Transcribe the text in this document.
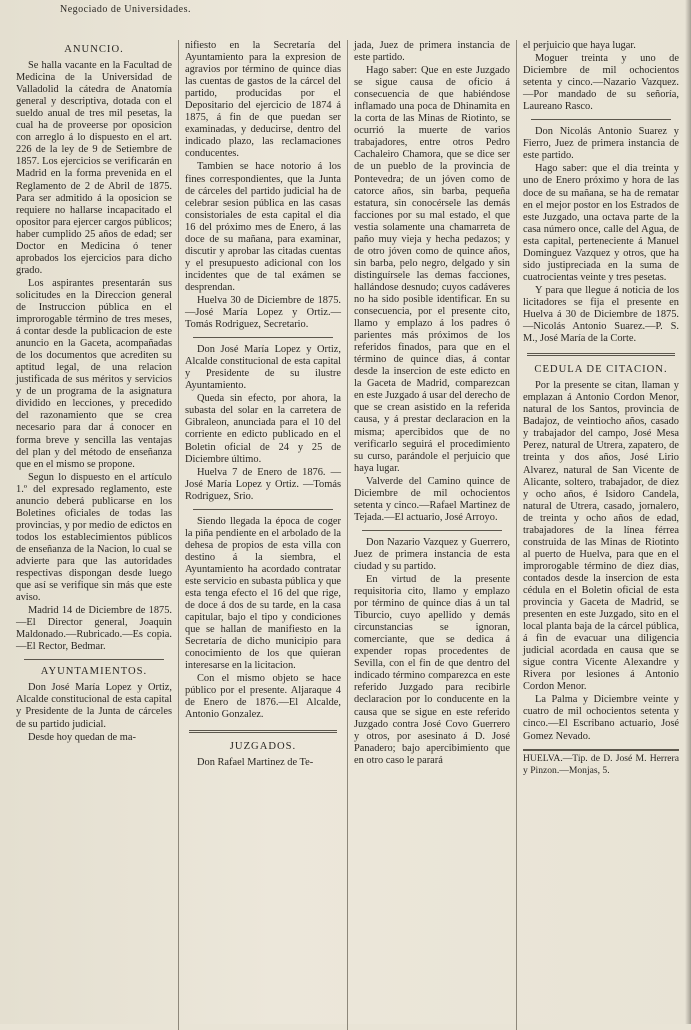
Negociado de Universidades.
ANUNCIO.

Se halla vacante en la Facultad de Medicina de la Universidad de Valladolid la cátedra de Anatomía general y descriptiva, dotada con el sueldo anual de tres mil pesetas, la cual ha de proveerse por oposicion con arreglo á lo dispuesto en el art. 226 de la ley de 9 de Setiembre de 1857. Los ejercicios se verificarán en Madrid en la forma prevenida en el Reglamento de 2 de Abril de 1875. Para ser admitido á la oposicion se requiere no hallarse incapacitado el opositor para ejercer cargos públicos; haber cumplido 25 años de edad; ser Doctor en Medicina ó tener aprobados los ejercicios para dicho grado.

Los aspirantes presentarán sus solicitudes en la Direccion general de Instruccion pública en el improrogable término de tres meses, á contar desde la publicacion de este anuncio en la Gaceta, acompañadas de los documentos que acrediten su aptitud legal, de una relacion justificada de sus méritos y servicios y de un programa de la asignatura dividido en lecciones, y precedido del razonamiento que se crea necesario para dar á conocer en forma breve y sencilla las ventajas del plan y del método de enseñanza que en el mismo se propone.

Segun lo dispuesto en el artículo 1.º del expresado reglamento, este anuncio deberá publicarse en los Boletines oficiales de todas las provincias, y por medio de edictos en todos los establecimientos públicos de enseñanza de la Nacion, lo cual se advierte para que las autoridades respectivas dispongan desde luego que así se verifique sin más que este aviso.

Madrid 14 de Diciembre de 1875.—El Director general, Joaquin Maldonado.—Rubricado.—Es copia.—El Rector, Bedmar.

AYUNTAMIENTOS.

Don José María Lopez y Ortiz, Alcalde constitucional de esta capital y Presidente de la Junta de cárceles de su partido judicial.

Desde hoy quedan de ma-

nifiesto en la Secretaría del Ayuntamiento para la expresion de agravios por término de quince dias las cuentas de gastos de la cárcel del partido, producidas por el Depositario del ejercicio de 1874 á 1875, á fin de que puedan ser examinadas, y deducirse, dentro del indicado plazo, las reclamaciones conducentes.

Tambien se hace notorio á los fines correspondientes, que la Junta de cárceles del partido judicial ha de celebrar sesion pública en las casas consistoriales de esta capital el dia 16 del próximo mes de Enero, á las doce de su mañana, para examinar, discutir y aprobar las citadas cuentas y el presupuesto adicional con los incidentes que de tal exámen se desprendan.

Huelva 30 de Diciembre de 1875.—José María Lopez y Ortiz.—Tomás Rodriguez, Secretario.

Don José María Lopez y Ortiz, Alcalde constitucional de esta capital y Presidente de su ilustre Ayuntamiento.

Queda sin efecto, por ahora, la subasta del solar en la carretera de Gibraleon, anunciada para el 10 del corriente en edicto publicado en el Boletin oficial de 24 y 25 de Diciembre último.

Huelva 7 de Enero de 1876. —José María Lopez y Ortiz. —Tomás Rodriguez, Srio.

Siendo llegada la época de coger la piña pendiente en el arbolado de la dehesa de propios de esta villa con destino á la siembra, el Ayuntamiento ha acordado contratar este servicio en subasta pública y que esta tenga efecto el 16 del que rige, de doce á dos de su tarde, en la casa capitular, bajo el tipo y condiciones que se hallan de manifiesto en la Secretaría de dicho municipio para conocimiento de los que quieran interesarse en la licitacion.

Con el mismo objeto se hace público por el presente. Aljaraque 4 de Enero de 1876.—El Alcalde, Antonio Gonzalez.

JUZGADOS.

Don Rafael Martinez de Te-

jada, Juez de primera instancia de este partido.

Hago saber: Que en este Juzgado se sigue causa de oficio á consecuencia de que habiéndose inflamado una poca de Dhinamita en la corta de las Minas de Riotinto, se ocurrió la muerte de varios trabajadores, entre otros Pedro Cachaleiro Chamora, que se dice ser de un pueblo de la provincia de Pontevedra; de un jóven como de catorce años, sin barba, pequeña estatura, sin conocérsele las demás facciones por su mal estado, el que vestia solamente una chamarreta de paño muy vieja y hecha pedazos; y de otro jóven como de quince años, sin barba, pelo negro, delgado y sin distinguírsele las demas facciones, hallándose desnudo; cuyos cadáveres no ha sido posible identificar. En su consecuencia, por el presente cito, llamo y emplazo á los padres ó parientes más próximos de los referidos finados, para que en el término de quince dias, á contar desde la insercion de este edicto en la Gaceta de Madrid, comparezcan en este Juzgado á usar del derecho de que se crean asistido en la referida causa, y á prestar declaracion en la misma; apercibidos que de no verificarlo seguirá el procedimiento su curso, parándole el perjuicio que haya lugar.

Valverde del Camino quince de Diciembre de mil ochocientos setenta y cinco.—Rafael Martinez de Tejada.—El actuario, José Arroyo.

Don Nazario Vazquez y Guerrero, Juez de primera instancia de esta ciudad y su partido.

En virtud de la presente requisitoria cito, llamo y emplazo por término de quince dias á un tal Tiburcio, cuyo apellido y demás circunstancias se ignoran, comerciante, que se dedica á expender ropas procedentes de Sevilla, con el fin de que dentro del indicado término comparezca en este referido Juzgado para recibirle declaracion por lo conducente en la causa que se sigue en este referido Juzgado contra José Covo Guerrero y otros, por asesinato á D. José Panadero; bajo apercibimiento que en otro caso le parará

el perjuicio que haya lugar.

Moguer treinta y uno de Diciembre de mil ochocientos setenta y cinco.—Nazario Vazquez.—Por mandado de su señoría, Laureano Rasco.

Don Nicolás Antonio Suarez y Fierro, Juez de primera instancia de este partido.

Hago saber: que el dia treinta y uno de Enero próximo y hora de las doce de su mañana, se ha de rematar en el mejor postor en los Estrados de este Juzgado, una octava parte de la casa número once, calle del Agua, de esta capital, perteneciente á Manuel Dominguez Vazquez y otros, que ha sido justipreciada en la suma de cuatrocientas veinte y tres pesetas.

Y para que llegue á noticia de los licitadores se fija el presente en Huelva á 30 de Diciembre de 1875.—Nicolás Antonio Suarez.—P. S. M., José María de la Corte.

CEDULA DE CITACION.

Por la presente se citan, llaman y emplazan á Antonio Cordon Menor, natural de los Santos, provincia de Badajoz, de veintiocho años, casado y trabajador del campo, José Mesa Perez, natural de Utrera, zapatero, de treinta y dos años, José Lirio Alvarez, natural de San Vicente de Alicante, soltero, trabajador, de diez y ocho años, é Isidoro Candela, natural de Utrera, casado, jornalero, de treinta y ocho años de edad, trabajadores de la línea férrea construida de las Minas de Riotinto al puerto de Huelva, para que en el improrogable término de diez dias, contados desde la insercion de esta cédula en el Boletin oficial de esta provincia y Gaceta de Madrid, se presenten en este Juzgado, sito en el local planta baja de la cárcel pública, á fin de evacuar una diligencia judicial acordada en causa que se sigue contra Vicente Alexandre y Rivera por lesiones á Antonio Cordon Menor.

La Palma y Diciembre veinte y cuatro de mil ochocientos setenta y cinco.—El Escribano actuario, José Gomez Nevado.

HUELVA.—Tip. de D. José M. Herrera y Pinzon.—Monjas, 5.
